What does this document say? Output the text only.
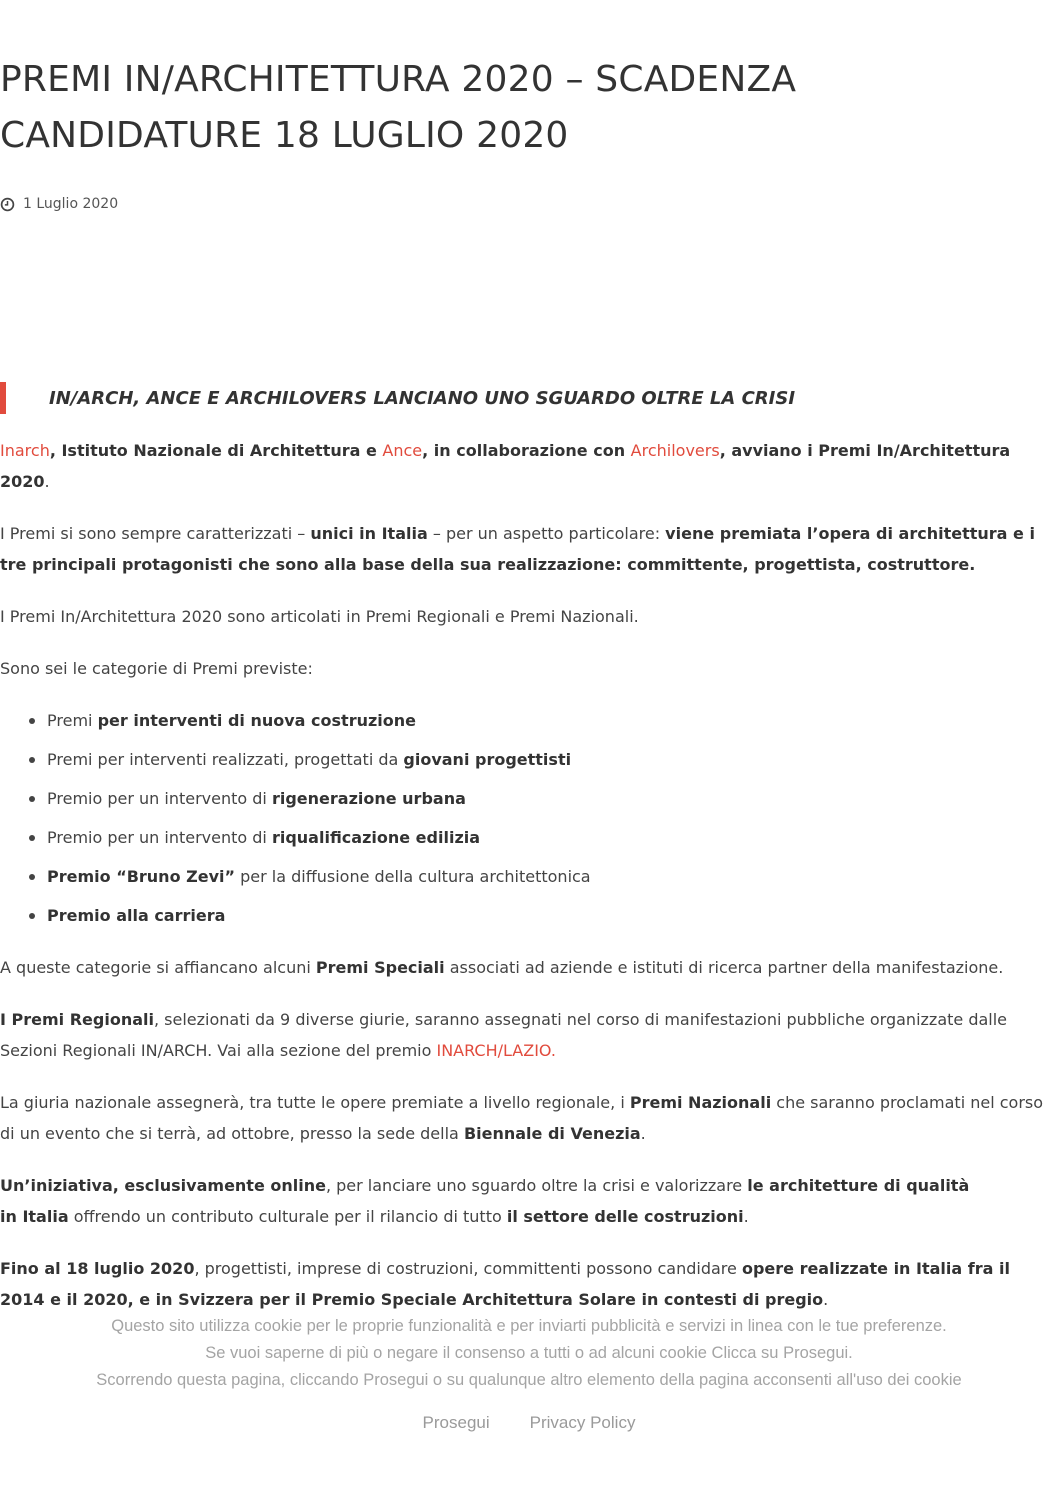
PREMI IN/ARCHITETTURA 2020 – SCADENZA
CANDIDATURE 18 LUGLIO 2020
1 Luglio 2020
IN/ARCH, ANCE E ARCHILOVERS LANCIANO UNO SGUARDO OLTRE LA CRISI

Inarch, Istituto Nazionale di Architettura e Ance, in collaborazione con Archilovers, avviano i Premi In/Architettura 2020.

I Premi si sono sempre caratterizzati – unici in Italia – per un aspetto particolare: viene premiata l’opera di architettura e i tre principali protagonisti che sono alla base della sua realizzazione: committente, progettista, costruttore.

I Premi In/Architettura 2020 sono articolati in Premi Regionali e Premi Nazionali.

Sono sei le categorie di Premi previste:

Premi per interventi di nuova costruzione
Premi per interventi realizzati, progettati da giovani progettisti
Premio per un intervento di rigenerazione urbana
Premio per un intervento di riqualificazione edilizia
Premio “Bruno Zevi” per la diffusione della cultura architettonica
Premio alla carriera

A queste categorie si affiancano alcuni Premi Speciali associati ad aziende e istituti di ricerca partner della manifestazione.

I Premi Regionali, selezionati da 9 diverse giurie, saranno assegnati nel corso di manifestazioni pubbliche organizzate dalle Sezioni Regionali IN/ARCH. Vai alla sezione del premio INARCH/LAZIO.

La giuria nazionale assegnerà, tra tutte le opere premiate a livello regionale, i Premi Nazionali che saranno proclamati nel corso di un evento che si terrà, ad ottobre, presso la sede della Biennale di Venezia.

Un’iniziativa, esclusivamente online, per lanciare uno sguardo oltre la crisi e valorizzare le architetture di qualità in Italia offrendo un contributo culturale per il rilancio di tutto il settore delle costruzioni.

Fino al 18 luglio 2020, progettisti, imprese di costruzioni, committenti possono candidare opere realizzate in Italia fra il 2014 e il 2020, e in Svizzera per il Premio Speciale Architettura Solare in contesti di pregio.

Questo sito utilizza cookie per le proprie funzionalità e per inviarti pubblicità e servizi in linea con le tue preferenze.

Se vuoi saperne di più o negare il consenso a tutti o ad alcuni cookie Clicca su Prosegui.

Scorrendo questa pagina, cliccando Prosegui o su qualunque altro elemento della pagina acconsenti all'uso dei cookie

Prosegui Privacy Policy
